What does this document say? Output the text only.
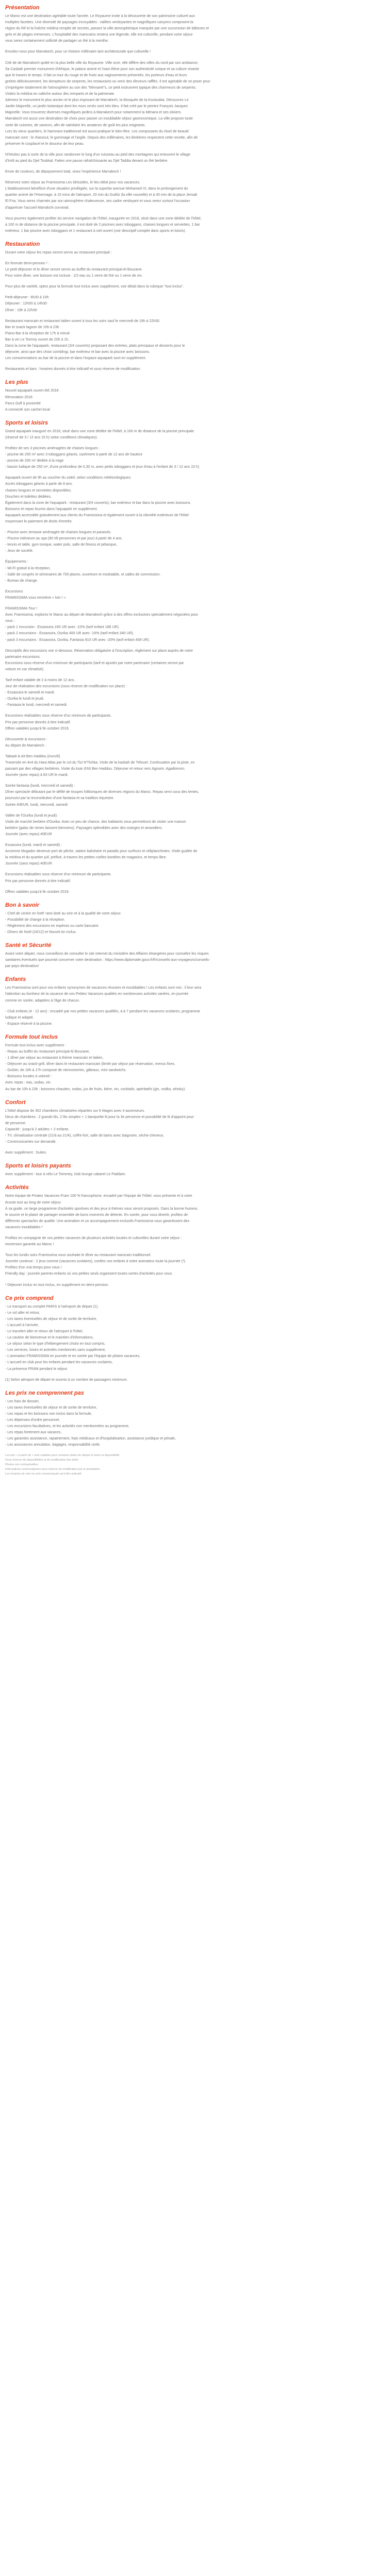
Présentation

Le Maroc est une destination agréable toute l'année. Le Royaume invite à la découverte de son patrimoine culturel aux

multiples facettes. Une diversité de paysages incroyables : vallées verdoyantes et magnifiques canyons composent la

région du Rif et la fraîche médina remplie de secrets, passez la ville atmosphérique marquée par une succession de bâtisses et

grés et de plages immenses. L'hospitalité des marocains restera une légende, elle est culturelle, pendant votre séjour

vous serez certainement sollicité de partager un thé à la menthe.

Envolez-vous pour Marrakech, pour un histoire millénaire tant architecturale que culturelle !

Cité de de Marrakech quitté en la plus belle ville du Royaume. Ville ocre, elle diffère des villes du nord par son ambiance.

Sa Casbah premier monument d'Afrique, le palace animé et l'oasi élève pour son authenticité unique et sa culture vivante

que le travers le temps. Il fait un tour du rouge et de fruits aux vagissements présentés, les porteurs d'eau et leurs

grelots délicieusement, les dompteurs de serpents, les restaurants ou venir des éleveurs rafflés. Il est agréable de se poser pour

s'imprégner totalement de l'atmosphère au son des "Minnaret"s, ce petit instrument typique des charmeurs de serpents.

Visitez la médina en calèche autour des remparts et de la palmeraie.

Admirez le monument le plus ancien et le plus imposant de Marrakech, la Mosquée de la Koutoubia. Découvrez Le

Jardin Majorelle, un jardin botanique dont les murs ornés sont très bleu. Il fait créé par le peintre François Jacques

Majorelle. Vous trouverez diverses magnifiques jardins à Marrakech pour notamment la Ménara et ses oliviers.

Marrakech est aussi une destination de choix pour passer un inoubliable séjour gastronomique. La ville propose toute

sorte de cuisines, de saveurs, afin de satisfaire les amateurs de goût les plus exigeants.

Lors du vieux quartiers, le hammam traditionnel est aussi pratique le bien-être. Les composants du rituel de beauté

marocain sont : le rhassoul, le gommage et l'argile. Depuis des millénaires, les Berbères respectent cette recette, afin de

préserver le cosplacel et le douceur de leur peau.

N'hésitez pas à sortir de la ville pour randonner le long d'un ruisseau au pied des montagnes qui entourent le village

d'Imlil au pied du Djel Toubkal. Faites une pause rafraîchissante au Djel Taddia devant un thé berbère.

Envie de couleurs, de dépaysement total, vivez l'expérience Marrakech !

Réservez votre séjour au Framissima Les Idrissides, le lieu idéal pour vos vacances.

L'établissement bénéficie d'une situation privilégiée, sur la superbe avenue Mohamed VI, dans le prolongement du

quartier animé de l'Hivernage, à 15 mins de l'aéroport, 20 min du Guéliz (la ville nouvelle) et à 30 min de la place Jemaâ

El Fna. Vous serez charmés par son atmosphère chaleureuse, ses cadre verdoyant et vous serez surtout l'occasion

d'apprécier l'accueil Marrakchi convivial.

Vous pourrez également profiter du service navigation de l'hôtel, inaugurée en 2018, situé dans une zone dédiée de l'hôtel,

à 100 m de distance de la piscine principale, il est doté de 2 piscines avec toboggans, chaises longues et serviettes, 1 bar

extérieur, 1 bar piscine avec toboggans et 1 restaurant à ciel ouvert (voir descriptif complet dans sports et loisirs).

Restauration

Durant votre séjour les repas seront servis au restaurant principal :

En formule demi-pension ¹ :

Le petit déjeuner et le dîner seront servis au buffet du restaurant principal Al Bouzane.

Pour votre dîner, une boisson est incluse : 1/2 eau ou 1 verre de thé ou 1 verre de vin.

Pour plus de variété, optez pour la formule tout inclus avec supplément, voir détail dans la rubrique "tout inclus".

Petit-déjeuner : 6h30 à 10h

Déjeuner : 12h00 à 14h30

Dîner : 19h à 22h30

Restaurant marocain et restaurant italien ouvert à tous les soirs sauf le mercredi de 19h à 22h30.

Bar et snack lagoon de 10h à 23h

Piano-Bar à la réception de 17h à minuit

Bar à vin Le Tommy ouvert de 20h à 1h.

Dans la zone de l'aquapark, restaurant (3/4 couverts) proposant des entrées, plats principaux et desserts pour le

déjeuner, ainsi que des choix comblingi, bar extérieur et bar avec la piscine avec boissons.

Les consommations au bar de la piscine et dans l'espace aquapark sont en supplément.

Restaurants et bars : horaires donnés à titre indicatif et sous réserve de modification.

Les plus

Nouvel aquapark ouvert été 2018

Rénovation 2016

Parcs Golf à proximité

A connecté son cachet local

Sports et loisirs

Grand aquapark inauguré en 2018, situé dans une zone dédiée de l'hôtel, à 100 m de distance de la piscine principale

(réservé de 3 / 12 ans 15 h) selon conditions climatiques).

Profitez de ses 3 piscines aménagées de chaises longues :

- piscine de 200 m² avec 3 toboggans géants, cashmere à partir de 12 ans de hauteur

- piscine de 200 m² dédiée à la nage

- bassin ludique de 250 m², d'une profondeur de 0,30 m, avec petits toboggans et jeux d'eau à l'enfant de 3 / 12 ans 15 h)

Aquapark ouvert de 9h au coucher du soleil, selon conditions météorologiques.

Accès toboggans géants à partir de 8 ans.

chaises longues et serviettes disponibles.

Douches et toilettes dédiées.

Également dans la zone de l'aquapark : restaurant (3/4 couverts), bar extérieur et bar dans la piscine avec boissons.

Boissons et repas fournis dans l'aquapark en supplément.

Aquapark accessible gratuitement aux clients du Framissima et également ouvert à la clientèle extérieure de l'hôtel

moyennant le paiement de droits d'entrée.

- Piscine avec terrasse aménagée de chaises longues et parasols.

- Piscine intérieure au spa (80 t/8 personnes et par jour) à partir de 4 ans.

- tennis et table, gym tonique, water polo, salle de fitness et pétanque,

- Jeux de société.

Équipements :

- Wi-Fi gratuit à la réception,

- Salle de congrès et séminaires de 700 places, ouverture et modulable, et salles de commission.

- Bureau de change.

Excursions

FRAMISSIMA vous emmène « loin ! »

FRAMISSIMA Tour !

Avec Framissima, explorez le Maroc au départ de Marrakech grâce à des offres exclusives spécialement négociées pour

vous :

- pack 1 excursion : Essaouira 160 UR avec -10% (tarif enfant 188 UR).

- pack 2 excursions : Essaouira, Ourika 400 UR avec -15% (tarif enfant 340 UR).

- pack 3 excursions : Essaouira, Ourika, Fantasia 910 UR avec -20% (tarif enfant 408 UR).

Descriptifs des excursions voir ci-dessous. Réservation obligatoire à l'inscription, règlement sur place auprès de notre

partenaire excursions.

Excursions sous réserve d'un minimum de participants (tarif et ajustés par notre partenaire (certaines seront par

voiture en car climatisé).

Tarif enfant valable de 2 à moins de 12 ans.

Jour de réalisation des excursions (sous réserve de modification sur place) :

- Essaouira le samedi et mardi.

- Ourika le lundi et jeudi.

- Fantasia le lundi, mercredi et samedi.

Excursions réalisables sous réserve d'un minimum de participants.

Prix par personne donnés à titre indicatif.

Offres valables jusqu'à fin octobre 2019.

Découverte & excursions :

Au départ de Marrakech :

Tabaati & Ait Ben Haddou (inurvilí)

Traversée en 4x4 du Haut Atlas par le col du Tizi N'Tichka. Visite de la kasbah de Télouet. Continuation par la piste, en

passant par des villages berbères. Visite du ksar d'Aït Ben Haddou. Déjeuner et retour vers Agouim, Agadirenon.

Journée (avec repas) à 83 UR le mardi.

Soirée fantasia (lundi, mercredi et samedi) :

Dîner spectacle débutant par le défilé de troupes folkloriques de diverses régions du Maroc. Repas servi sous des tentes,

poursuivi par la reconstitution d'une fantasia et sa tradition équestre.

Soirée 40EUR, lundi, mercredi, samedi

Vallée de l'Ourika (lundi et jeudi) :

Visite de marché berbère d'Ourika. Avec un peu de chance, des habitants vous permettront de visiter une maison

berbère (galas de nimes laissent bienvenu). Paysages splendides avec des oranges et amandiers.

Journée (avec repas) 40EUR

Essaouira (lundi, mardi et samedi) :

Ancienne Mogador devenue port de pêche, station balnéaire et paradis pour surfeurs et véliplanchistes. Visite guidée de

la médina et du quartier juif, préfixé, à travers les petites ruelles bordées de magasins, et temps libre.

Journée (sans repas) 40EUR

Excursions réalisables sous réserve d'un minimum de participants.

Prix par personne donnés à titre indicatif.

Offres valables jusqu'à fin octobre 2019.

Bon à savoir

- Chef de centre en fortF rami doté au sein et à la qualité de votre séjour.

- Possibilité de change à la réception.

- Règlement des excursions en espèces ou carte bancaire.

- Dîners de Noël (24/12) et Nouvel An inclus.

Santé et Sécurité

Avant votre départ, nous conseillons de consulter le site internet du ministère des Affaires étrangères pour connaître les risques

sanitaires éventuels que pourrait concerner votre destination : https://www.diplomatie.gouv.fr/fr/conseils-aux-voyageurs/conseils-

par-pays-destination/

Enfants

Les Framissima sont pour vos enfants synonymes de vacances réussies et inoubliables ! Les enfants sont rois : il leur sera

l'attention au bonheur de la vacance de vos Petites Vacances qualités en nombreuses activités variées, en journée

comme en soirée, adaptées à l'âge de chacun.

- Club enfants (4 - 12 ans) : encadré par nos petites vacances qualifiés, à à 7 pendant les vacances scolaires, programme

ludique et adapté.

- Espace réservé à la piscine.

Formule tout inclus

Formule tout inclus avec supplément :

- Repas au buffet du restaurant principal Al Bouzane,

- 1 dîner par séjour au restaurant à thème marocain et italien,

- Déjeuner au snack-grill, dîner dans le restaurant marocain (limité par séjour par réservation, menus fixes.

- Goûter, de 16h à 17h composé de viennoiseries, gâteaux, mini sandwichs.

- Boissons locales à volonté :

Avec repas : eau, sodas, vin.

Au bar de 10h à 23h : boissons chaudes, sodas, jus de fruits, bière, vin, cocktails, apéritatifs (gin, vodka, whisky).

Confort

L'hôtel dispose de 302 chambres climatisées réparties sur 6 étages avec 4 ascenseurs.

Deux de chambres : 2 grands lits, 2 lits simples + 1 banquette lit pour la 3e personne et possibilité de lit d'appoint pour

de personne.

Capacité : jusqu'à 2 adultes + 2 enfants.

- TV, climatisation centrale (21/à au 21/4), coffre-fort, salle de bains avec baignoire, sèche-cheveux,

- Communicantes sur demande.

Avec supplément : Suites.

Sports et loisirs payants

Avec supplément : tour à vélo Le Tommey, club lounge cabaret Le Paddam.

Activités

Notre équipe de Pirates Vacances Fram 100 % francophone, encadré par l'équipe de l'hôtel, vous présente et à votre

écoute tout au long de votre séjour.

À sa guide, un large programme d'activités sportives et des jeux à thèmes vous seront proposés. Dans la bonne humeur,

le sourire et le plaisir de partager ensemble de bons moments de détente. En soirée, pour vous divertir, profitez de

différents spectacles de qualité. Une animation et un accompagnement exclusifs Framissima vous garantissent des

vacances inoubliables ²

Profitez en compagnie de vos petites vacances de plusieurs activités locales et culturelles durant votre séjour :

immersion garantie au Maroc !

Tous les lundis soirs Framissima vous souhaite le dîner au restaurant marocain traditionnel.

Journée continue : 2 jeux comme (vacances scolaires), confiez vos enfants à notre animateur toute la journée (¹).

Profitez d'un vrai temps pour vous !

Friendly day : journée parents-enfants où vos petites seuls organisent toutes sortes d'activités pour vous.

¹ Déjeuner inclus en tout inclus, en supplément en demi-pension.

Ce prix comprend

- Le transport au complet PARIS à l'aéroport de départ (1),

- Le vol aller et retour,

- Les taxes éventuelles de séjour et de sortie de territoire,

- L'accueil à l'arrivée,

- Le transfert aller et retour de l'aéroport à l'hôtel,

- La caution de bienvenue et le maintien d'informations,

- Le séjour selon le type d'hébergement choisi en tout compris,

- Les services, loisirs et activités mentionnés sans supplément,

- L'animation FRAMISSIMA en journée et en soirée par l'équipe de pilotes vacances,

- L'accueil en club pour les enfants pendant les vacances scolaires,

- La présence FRAM pendant le séjour.

(1) Selon aéroport de départ et soumis à un nombre de passagers minimum.

Les prix ne comprennent pas

- Les frais de dossier,

- Les taxes éventuelles de séjour et de sortie de territoire,

- Les repas et les boissons non inclus dans la formule,

- Les dépenses d'ordre personnel,

- Les excursions facultatives, et les activités non mentionnées au programme,

- Les repas fortement aux vacaces,

- Les garanties assistance, rapatriement, frais médicaux et d'hospitalisation, assistance juridique et pénale,

- Les assurances annulation, bagages, responsabilité civile.

Les prix « à partir de » sont valables pour certaines dates de départ et selon la disponibilité.

Sous réserve de disponibilités et de modification des tarifs.

Photos non contractuelles.

Informations communiquées sous réserve de modification par le prestataire.

Les horaires de vols ne sont communiqués qu'à titre indicatif.
